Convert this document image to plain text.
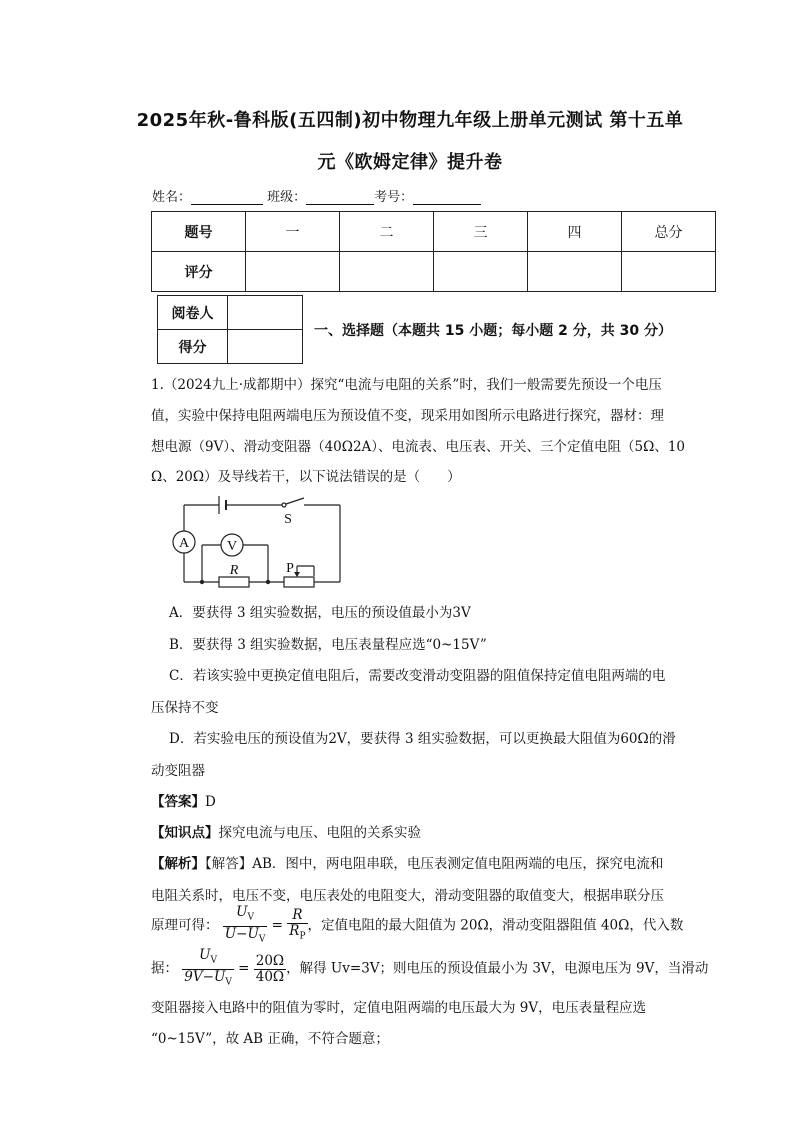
2025年秋-鲁科版(五四制)初中物理九年级上册单元测试 第十五单
元《欧姆定律》提升卷
姓名：	班级：	考号：
题号	一	二	三	四	总分
评分					
阅卷人	
得分	
一、选择题（本题共 15 小题；每小题 2 分，共 30 分）
1.（2024九上·成都期中）探究“电流与电阻的关系”时，我们一般需要先预设一个电压
值，实验中保持电阻两端电压为预设值不变，现采用如图所示电路进行探究，器材：理
想电源（9V）、滑动变阻器（40Ω2A）、电流表、电压表、开关、三个定值电阻（5Ω、10
Ω、20Ω）及导线若干，以下说法错误的是（　　）
S
A	V
R	P
A．要获得 3 组实验数据，电压的预设值最小为3V
B．要获得 3 组实验数据，电压表量程应选“0~15V”
C．若该实验中更换定值电阻后，需要改变滑动变阻器的阻值保持定值电阻两端的电
压保持不变
D．若实验电压的预设值为2V，要获得 3 组实验数据，可以更换最大阻值为60Ω的滑
动变阻器
【答案】D
【知识点】探究电流与电压、电阻的关系实验
【解析】【解答】AB．图中，两电阻串联，电压表测定值电阻两端的电压，探究电流和
电阻关系时，电压不变，电压表处的电阻变大，滑动变阻器的取值变大，根据串联分压
原理可得： $\frac{U_V}{U-U_V} = \frac{R}{R_P}$ ，定值电阻的最大阻值为 20Ω，滑动变阻器阻值 40Ω，代入数
据： $\frac{U_V}{9V-U_V} = \frac{20\Omega}{40\Omega}$ ，解得 Uv=3V；则电压的预设值最小为 3V，电源电压为 9V，当滑动
变阻器接入电路中的阻值为零时，定值电阻两端的电压最大为 9V，电压表量程应选
“0~15V”，故 AB 正确，不符合题意；
